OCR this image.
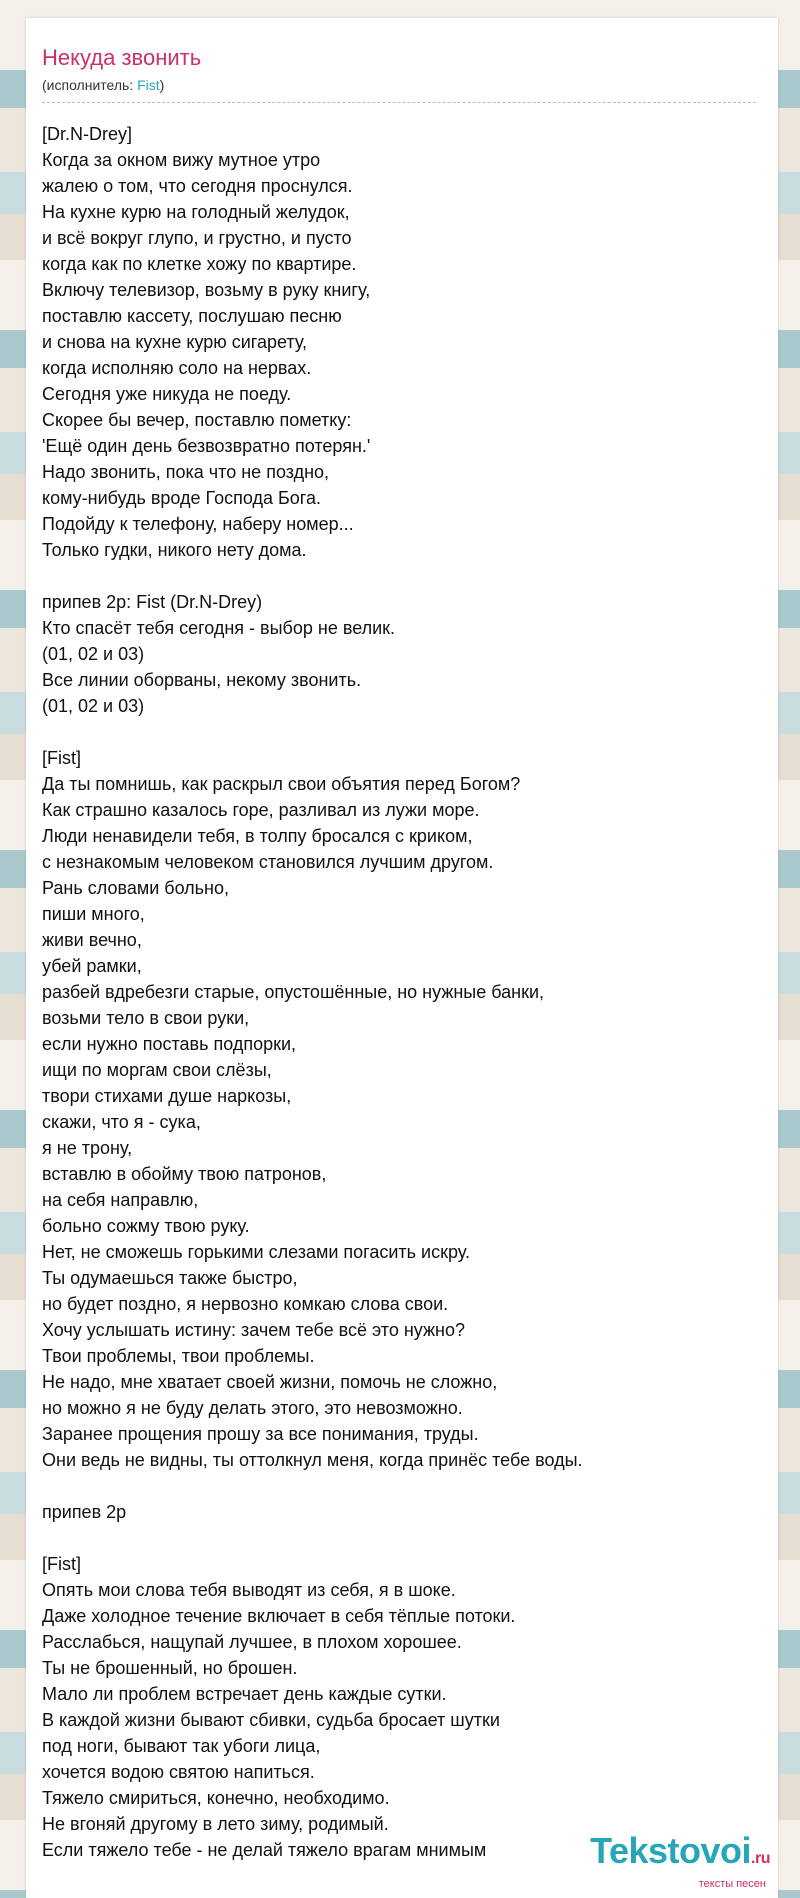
Некуда звонить
(исполнитель: Fist)
[Dr.N-Drey]
Когда за окном вижу мутное утро
жалею о том, что сегодня проснулся.
На кухне курю на голодный желудок,
и всё вокруг глупо, и грустно, и пусто
когда как по клетке хожу по квартире.
Включу телевизор, возьму в руку книгу,
поставлю кассету, послушаю песню
и снова на кухне курю сигарету,
когда исполняю соло на нервах.
Сегодня уже никуда не поеду.
Скорее бы вечер, поставлю пометку:
'Ещё один день безвозвратно потерян.'
Надо звонить, пока что не поздно,
кому-нибудь вроде Господа Бога.
Подойду к телефону, наберу номер...
Только гудки, никого нету дома.
припев 2р: Fist (Dr.N-Drey)
Кто спасёт тебя сегодня - выбор не велик.
(01, 02 и 03)
Все линии оборваны, некому звонить.
(01, 02 и 03)
[Fist]
Да ты помнишь, как раскрыл свои объятия перед Богом?
Как страшно казалось горе, разливал из лужи море.
Люди ненавидели тебя, в толпу бросался с криком,
с незнакомым человеком становился лучшим другом.
Рань словами больно,
пиши много,
живи вечно,
убей рамки,
разбей вдребезги старые, опустошённые, но нужные банки,
возьми тело в свои руки,
если нужно поставь подпорки,
ищи по моргам свои слёзы,
твори стихами душе наркозы,
скажи, что я - сука,
я не трону,
вставлю в обойму твою патронов,
на себя направлю,
больно сожму твою руку.
Нет, не сможешь горькими слезами погасить искру.
Ты одумаешься также быстро,
но будет поздно, я нервозно комкаю слова свои.
Хочу услышать истину: зачем тебе всё это нужно?
Твои проблемы, твои проблемы.
Не надо, мне хватает своей жизни, помочь не сложно,
но можно я не буду делать этого, это невозможно.
Заранее прощения прошу за все понимания, труды.
Они ведь не видны, ты оттолкнул меня, когда принёс тебе воды.
припев 2р
[Fist]
Опять мои слова тебя выводят из себя, я в шоке.
Даже холодное течение включает в себя тёплые потоки.
Расслабься, нащупай лучшее, в плохом хорошее.
Ты не брошенный, но брошен.
Мало ли проблем встречает день каждые сутки.
В каждой жизни бывают сбивки, судьба бросает шутки
под ноги, бывают так убоги лица,
хочется водою святою напиться.
Тяжело смириться, конечно, необходимо.
Не вгоняй другому в лето зиму, родимый.
Если тяжело тебе - не делай тяжело врагам мнимым	Tekstovoi.ru
тексты песен
